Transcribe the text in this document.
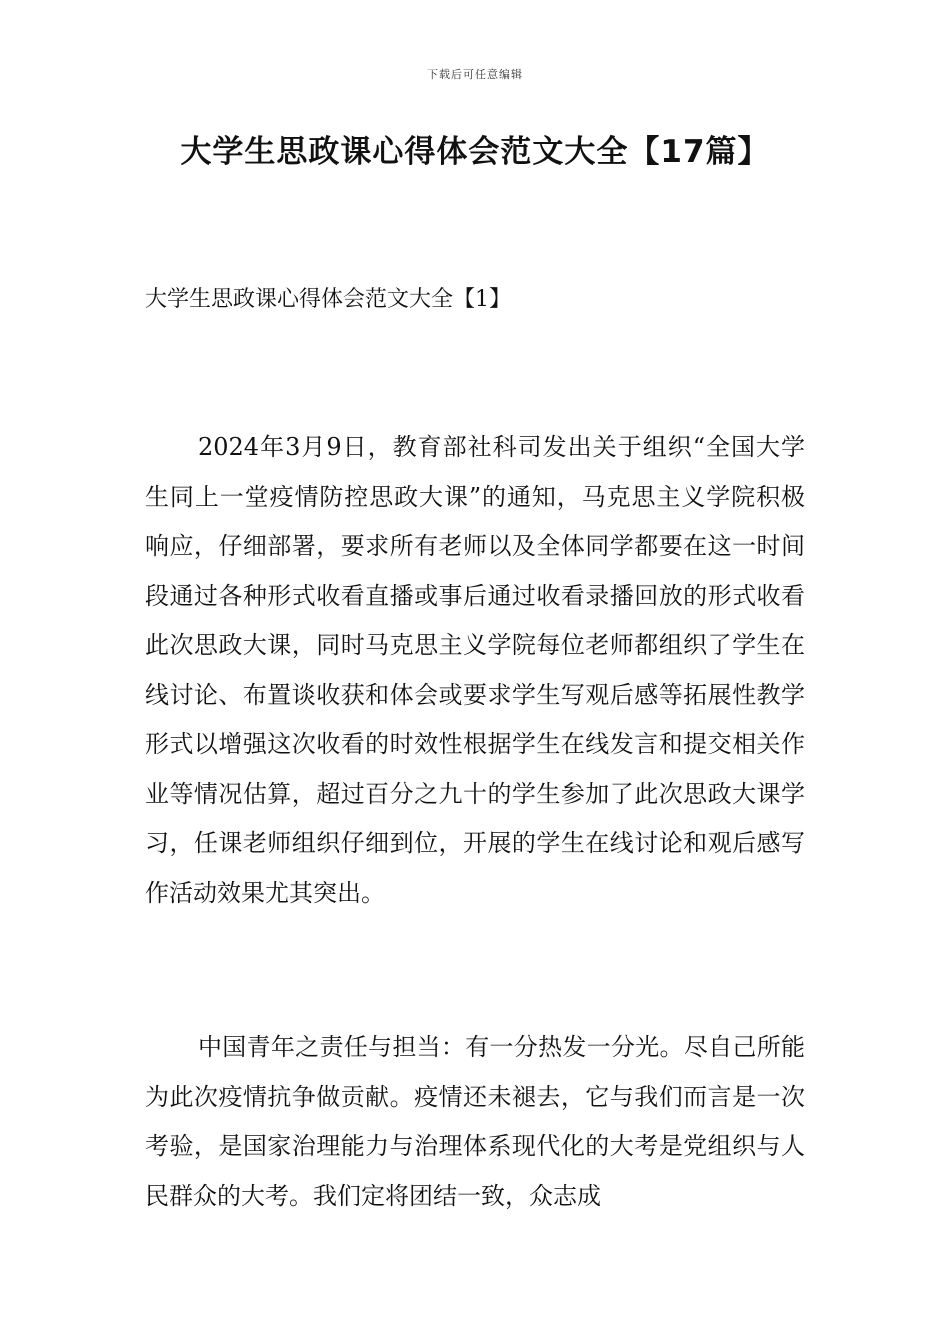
下载后可任意编辑
大学生思政课心得体会范文大全【17篇】
大学生思政课心得体会范文大全【1】

2024年3月9日，教育部社科司发出关于组织“全国大学生同上一堂疫情防控思政大课”的通知，马克思主义学院积极响应，仔细部署，要求所有老师以及全体同学都要在这一时间段通过各种形式收看直播或事后通过收看录播回放的形式收看此次思政大课，同时马克思主义学院每位老师都组织了学生在线讨论、布置谈收获和体会或要求学生写观后感等拓展性教学形式以增强这次收看的时效性根据学生在线发言和提交相关作业等情况估算，超过百分之九十的学生参加了此次思政大课学习，任课老师组织仔细到位，开展的学生在线讨论和观后感写作活动效果尤其突出。

中国青年之责任与担当：有一分热发一分光。尽自己所能为此次疫情抗争做贡献。疫情还未褪去，它与我们而言是一次考验，是国家治理能力与治理体系现代化的大考是党组织与人民群众的大考。我们定将团结一致，众志成
